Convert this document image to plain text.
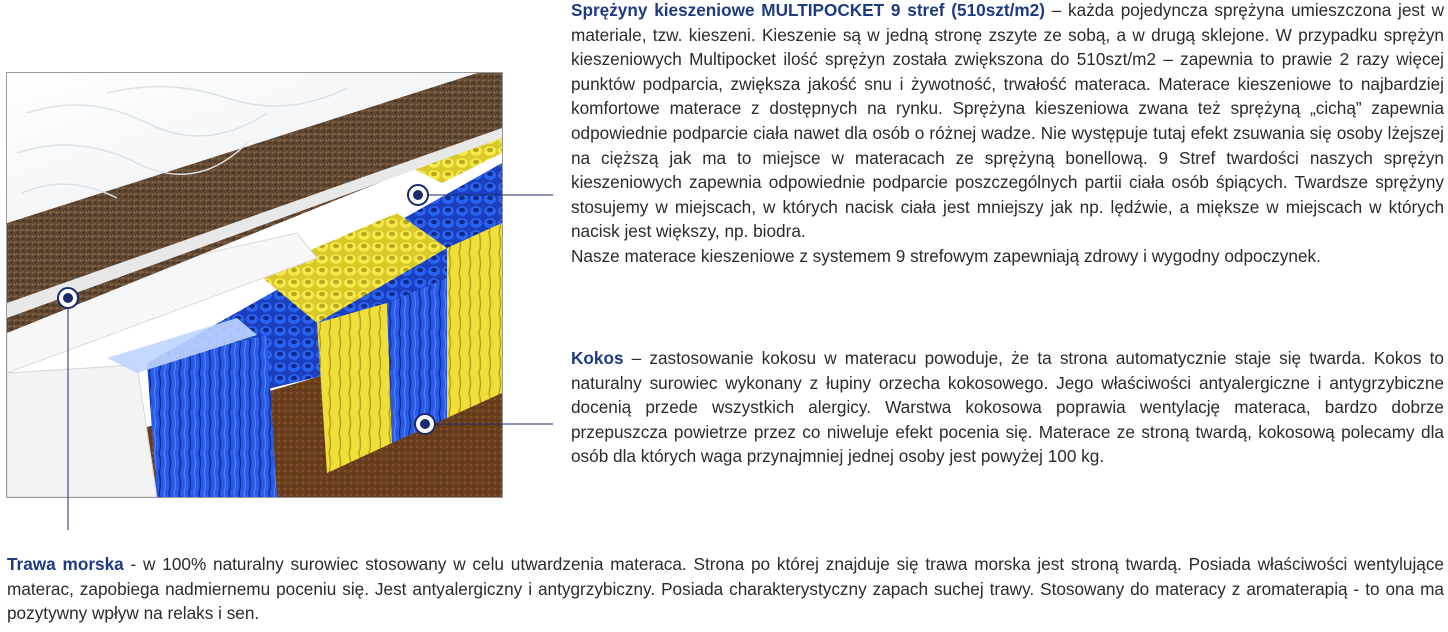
Sprężyny kieszeniowe MULTIPOCKET 9 stref (510szt/m2) – każda pojedyncza sprężyna umieszczona jest w materiale, tzw. kieszeni. Kieszenie są w jedną stronę zszyte ze sobą, a w drugą sklejone. W przypadku sprężyn kieszeniowych Multipocket ilość sprężyn została zwiększona do 510szt/m2 – zapewnia to prawie 2 razy więcej punktów podparcia, zwiększa jakość snu i żywotność, trwałość materaca. Materace kieszeniowe to najbardziej komfortowe materace z dostępnych na rynku. Sprężyna kieszeniowa zwana też sprężyną „cichą” zapewnia odpowiednie podparcie ciała nawet dla osób o różnej wadze. Nie występuje tutaj efekt zsuwania się osoby lżejszej na cięższą jak ma to miejsce w materacach ze sprężyną bonellową. 9 Stref twardości naszych sprężyn kieszeniowych zapewnia odpowiednie podparcie poszczególnych partii ciała osób śpiących. Twardsze sprężyny stosujemy w miejscach, w których nacisk ciała jest mniejszy jak np. lędźwie, a miększe w miejscach w których nacisk jest większy, np. biodra.
Nasze materace kieszeniowe z systemem 9 strefowym zapewniają zdrowy i wygodny odpoczynek.
Kokos – zastosowanie kokosu w materacu powoduje, że ta strona automatycznie staje się twarda. Kokos to naturalny surowiec wykonany z łupiny orzecha kokosowego. Jego właściwości antyalergiczne i antygrzybiczne docenią przede wszystkich alergicy. Warstwa kokosowa poprawia wentylację materaca, bardzo dobrze przepuszcza powietrze przez co niweluje efekt pocenia się. Materace ze stroną twardą, kokosową polecamy dla osób dla których waga przynajmniej jednej osoby jest powyżej 100 kg.
Trawa morska - w 100% naturalny surowiec stosowany w celu utwardzenia materaca. Strona po której znajduje się trawa morska jest stroną twardą. Posiada właściwości wentylujące materac, zapobiega nadmiernemu poceniu się. Jest antyalergiczny i antygrzybiczny. Posiada charakterystyczny zapach suchej trawy. Stosowany do materacy z aromaterapią - to ona ma pozytywny wpływ na relaks i sen.
